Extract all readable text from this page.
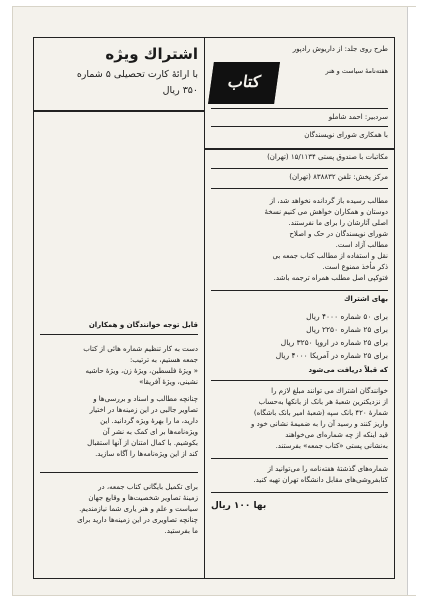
اشتراك ویژه
با ارائهٔ کارت تحصیلی ۵ شماره
۳۵۰ ریال
قابل توجه خوانندگان و همکاران
دست به کار تنظیم شماره هائی از کتاب
جمعه هستیم، به ترتیب:
« ویژهٔ فلسطین، ویژهٔ زن، ویژهٔ حاشیه
نشینی، ویژهٔ آفریقا»
چنانچه مطالب و اسناد و بررسی‌ها و
تصاویر جالبی در این زمینه‌ها در اختیار
دارید، ما را بهرهٔ ویژه گردانید. این
ویژه‌نامه‌ها بر ای کمک به نشر آن
بکوشیم. با کمال امتنان از آنها استقبال
كند از این ویژه‌نامه‌ها را آگاه سازید.
برای تکمیل بایگانی کتاب جمعه، در
زمینهٔ تصاویر شخصیت‌ها و وقایع جهان
سیاست و علم و هنر یاری شما نیازمندیم.
چنانچه تصاویری در این زمینه‌ها دارید برای
ما بفرستید.
طرح روی جلد: از داریوش رادپور
كتاب جمعه
هفته‌نامهٔ سیاست و هنر
سردبیر: احمد شاملو
با همكاری شورای نویسندگان
مکاتبات با صندوق پستی ۱۵/۱۱۳۴ (تهران)
مرکز پخش: تلفن ۸۳۸۸۳۲ (تهران)
مطالب رسیده باز گردانده نخواهد شد، از
دوستان و همکاران خواهش می کنیم نسخهٔ
اصلی آثارشان را برای ما نفرستند.
شورای نویسندگان در حک و اصلاح
مطالب آزاد است.
نقل و استفاده از مطالب کتاب جمعه بی
ذکر مأخذ ممنوع است.
فتوکپی اصل مطلب همراه ترجمه باشد.
بهای اشتراك
برای ۵۰ شماره ۴۰۰۰ ریال
برای ۲۵ شماره ۲۲۵۰ ریال
برای ۲۵ شماره در اروپا ۳۲۵۰ ریال
برای ۲۵ شماره در آمریکا ۴۰۰۰ ریال
كه قبلاً دریافت می‌شود
خوانندگان اشتراك می توانند مبلغ لازم را
از نزدیکترین شعبهٔ هر بانک از بانکها به‌حساب
شمارهٔ ۴۲۰ بانک سپه (شعبهٔ امیر بانک باشگاه)
واریز کنند و رسید آن را به ضمیمهٔ نشانی خود و
قید اینکه از چه شماره‌ای می‌خواهند
به‌نشانی پستی «كتاب جمعه» بفرستند.
شماره‌های گذشتهٔ هفته‌نامه را می‌توانید از
کتابفروشی‌های مقابل دانشگاه تهران تهیه کنید.
بها ۱۰۰ ریال
